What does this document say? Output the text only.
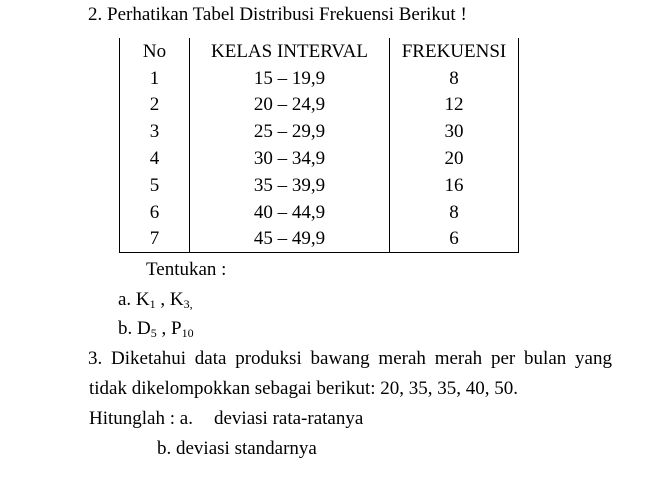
2. Perhatikan Tabel Distribusi Frekuensi Berikut !
No	KELAS INTERVAL	FREKUENSI
1	15 – 19,9	8
2	20 – 24,9	12
3	25 – 29,9	30
4	30 – 34,9	20
5	35 – 39,9	16
6	40 – 44,9	8
7	45 – 49,9	6
Tentukan :
a. $K_1$ , $K_{3,}$
b. $D_5$ , $P_{10}$
3. Diketahui data produksi bawang merah merah per bulan yang
tidak dikelompokkan sebagai berikut: 20, 35, 35, 40, 50.
Hitunglah : a. deviasi rata-ratanya
b. deviasi standarnya
